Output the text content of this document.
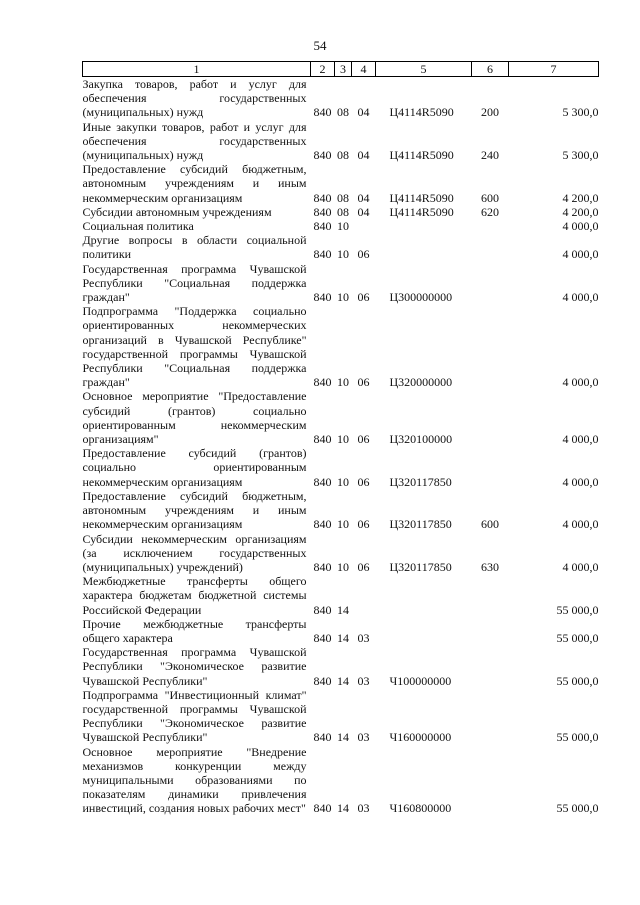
54
1	2	3	4	5	6	7
Закупка товаров, работ и услуг для обеспечения государственных (муниципальных) нужд	840	08	04	Ц4114R5090	200	5 300,0
Иные закупки товаров, работ и услуг для обеспечения государственных (муниципальных) нужд	840	08	04	Ц4114R5090	240	5 300,0
Предоставление субсидий бюджетным, автономным учреждениям и иным некоммерческим организациям	840	08	04	Ц4114R5090	600	4 200,0
Субсидии автономным учреждениям	840	08	04	Ц4114R5090	620	4 200,0
Социальная политика	840	10				4 000,0
Другие вопросы в области социальной политики	840	10	06			4 000,0
Государственная программа Чувашской Республики "Социальная поддержка граждан"	840	10	06	Ц300000000		4 000,0
Подпрограмма "Поддержка социально ориентированных некоммерческих организаций в Чувашской Республике" государственной программы Чувашской Республики "Социальная поддержка граждан"	840	10	06	Ц320000000		4 000,0
Основное мероприятие "Предоставление субсидий (грантов) социально ориентированным некоммерческим организациям"	840	10	06	Ц320100000		4 000,0
Предоставление субсидий (грантов) социально ориентированным некоммерческим организациям	840	10	06	Ц320117850		4 000,0
Предоставление субсидий бюджетным, автономным учреждениям и иным некоммерческим организациям	840	10	06	Ц320117850	600	4 000,0
Субсидии некоммерческим организациям (за исключением государственных (муниципальных) учреждений)	840	10	06	Ц320117850	630	4 000,0
Межбюджетные трансферты общего характера бюджетам бюджетной системы Российской Федерации	840	14				55 000,0
Прочие межбюджетные трансферты общего характера	840	14	03			55 000,0
Государственная программа Чувашской Республики "Экономическое развитие Чувашской Республики"	840	14	03	Ч100000000		55 000,0
Подпрограмма "Инвестиционный климат" государственной программы Чувашской Республики "Экономическое развитие Чувашской Республики"	840	14	03	Ч160000000		55 000,0
Основное мероприятие "Внедрение механизмов конкуренции между муниципальными образованиями по показателям динамики привлечения инвестиций, создания новых рабочих мест"	840	14	03	Ч160800000		55 000,0
